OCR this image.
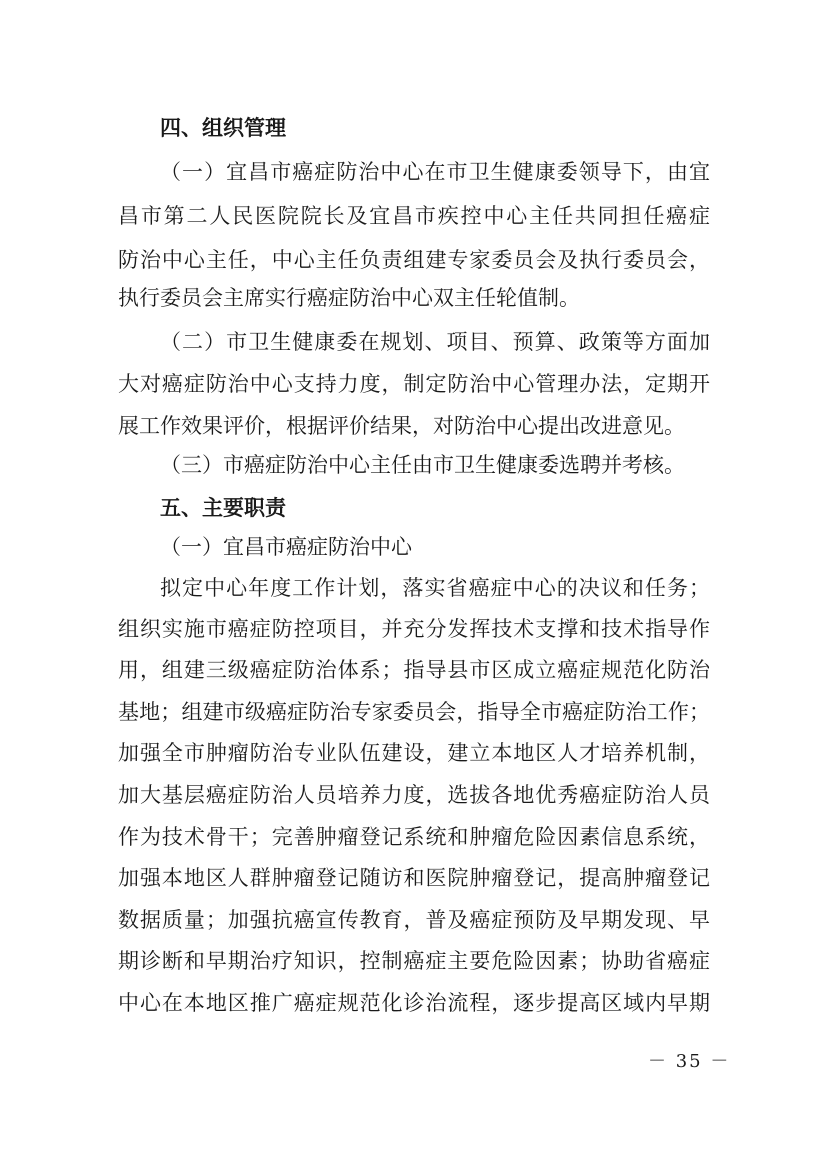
四、组织管理
（一）宜昌市癌症防治中心在市卫生健康委领导下，由宜
昌市第二人民医院院长及宜昌市疾控中心主任共同担任癌症
防治中心主任，中心主任负责组建专家委员会及执行委员会，
执行委员会主席实行癌症防治中心双主任轮值制。
（二）市卫生健康委在规划、项目、预算、政策等方面加
大对癌症防治中心支持力度，制定防治中心管理办法，定期开
展工作效果评价，根据评价结果，对防治中心提出改进意见。
（三）市癌症防治中心主任由市卫生健康委选聘并考核。
五、主要职责
（一）宜昌市癌症防治中心
拟定中心年度工作计划，落实省癌症中心的决议和任务；
组织实施市癌症防控项目，并充分发挥技术支撑和技术指导作
用，组建三级癌症防治体系；指导县市区成立癌症规范化防治
基地；组建市级癌症防治专家委员会，指导全市癌症防治工作；
加强全市肿瘤防治专业队伍建设，建立本地区人才培养机制，
加大基层癌症防治人员培养力度，选拔各地优秀癌症防治人员
作为技术骨干；完善肿瘤登记系统和肿瘤危险因素信息系统，
加强本地区人群肿瘤登记随访和医院肿瘤登记，提高肿瘤登记
数据质量；加强抗癌宣传教育，普及癌症预防及早期发现、早
期诊断和早期治疗知识，控制癌症主要危险因素；协助省癌症
中心在本地区推广癌症规范化诊治流程，逐步提高区域内早期
－ 35 －
